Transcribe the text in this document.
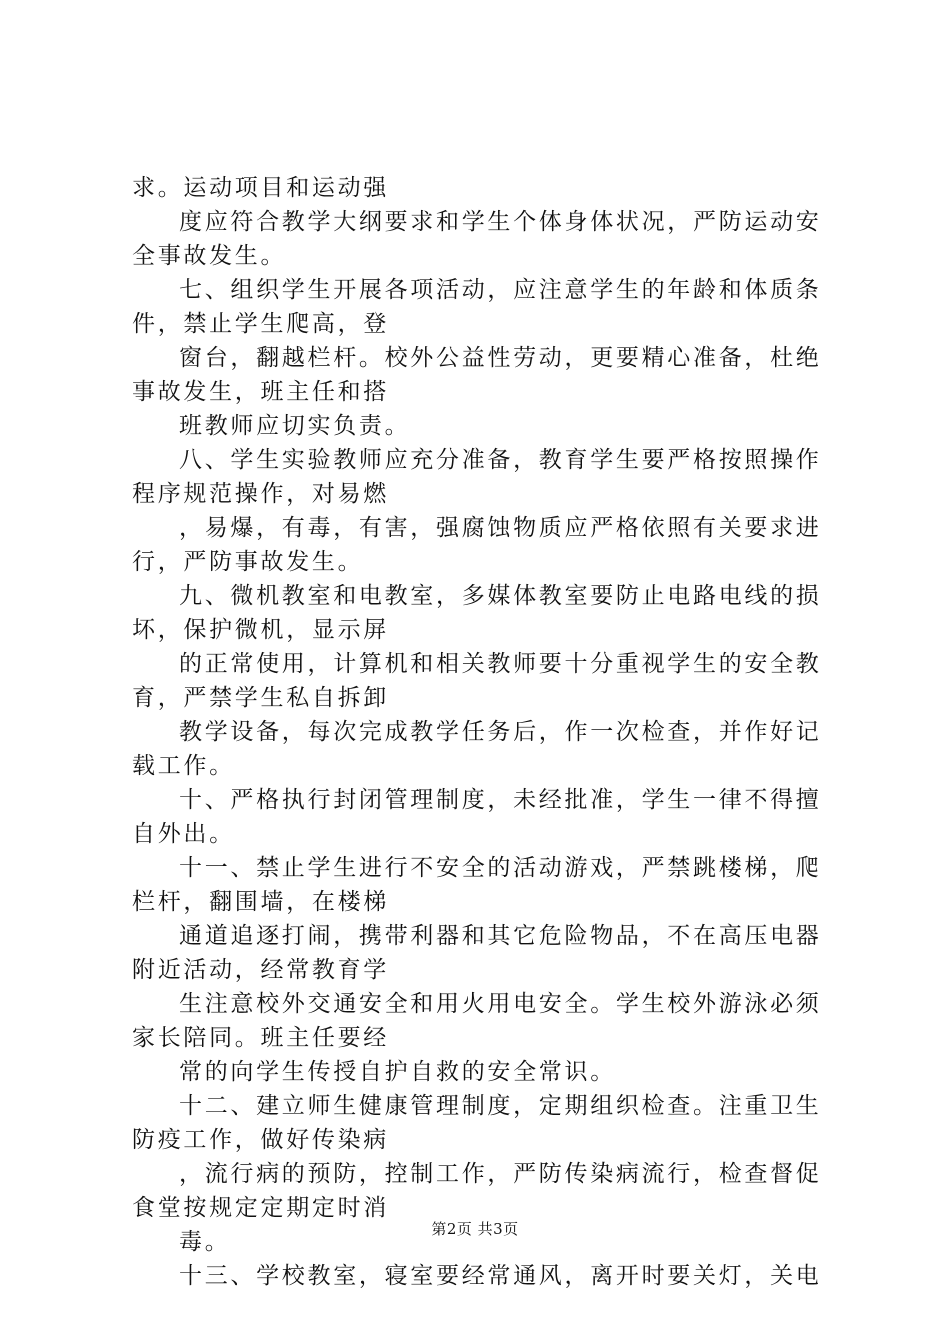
求。运动项目和运动强
度应符合教学大纲要求和学生个体身体状况，严防运动安
全事故发生。
七、组织学生开展各项活动，应注意学生的年龄和体质条
件，禁止学生爬高，登
窗台，翻越栏杆。校外公益性劳动，更要精心准备，杜绝
事故发生，班主任和搭
班教师应切实负责。
八、学生实验教师应充分准备，教育学生要严格按照操作
程序规范操作，对易燃
，易爆，有毒，有害，强腐蚀物质应严格依照有关要求进
行，严防事故发生。
九、微机教室和电教室，多媒体教室要防止电路电线的损
坏，保护微机，显示屏
的正常使用，计算机和相关教师要十分重视学生的安全教
育，严禁学生私自拆卸
教学设备，每次完成教学任务后，作一次检查，并作好记
载工作。
十、严格执行封闭管理制度，未经批准，学生一律不得擅
自外出。
十一、禁止学生进行不安全的活动游戏，严禁跳楼梯，爬
栏杆，翻围墙，在楼梯
通道追逐打闹，携带利器和其它危险物品，不在高压电器
附近活动，经常教育学
生注意校外交通安全和用火用电安全。学生校外游泳必须
家长陪同。班主任要经
常的向学生传授自护自救的安全常识。
十二、建立师生健康管理制度，定期组织检查。注重卫生
防疫工作，做好传染病
，流行病的预防，控制工作，严防传染病流行，检查督促
食堂按规定定期定时消
毒。
十三、学校教室，寝室要经常通风，离开时要关灯，关电
第2页 共3页
